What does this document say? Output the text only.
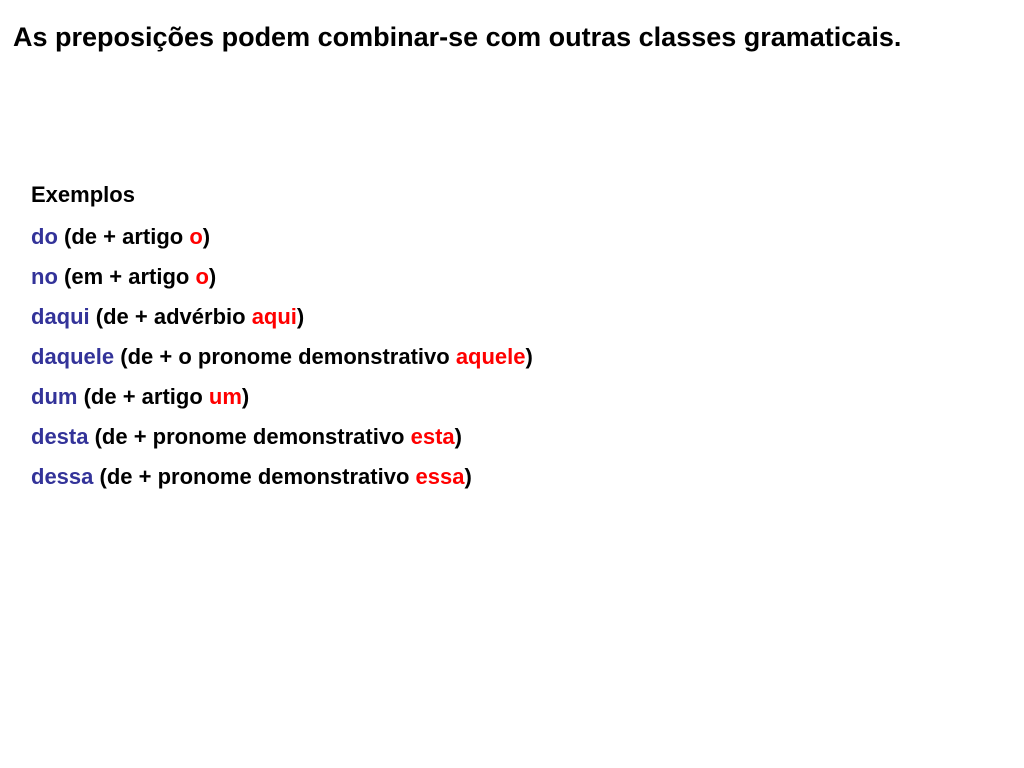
As preposições podem combinar-se com outras classes gramaticais.
Exemplos
do (de + artigo o)
no (em + artigo o)
daqui (de + advérbio aqui)
daquele (de + o pronome demonstrativo aquele)
dum (de + artigo um)
desta (de + pronome demonstrativo esta)
dessa (de + pronome demonstrativo essa)
